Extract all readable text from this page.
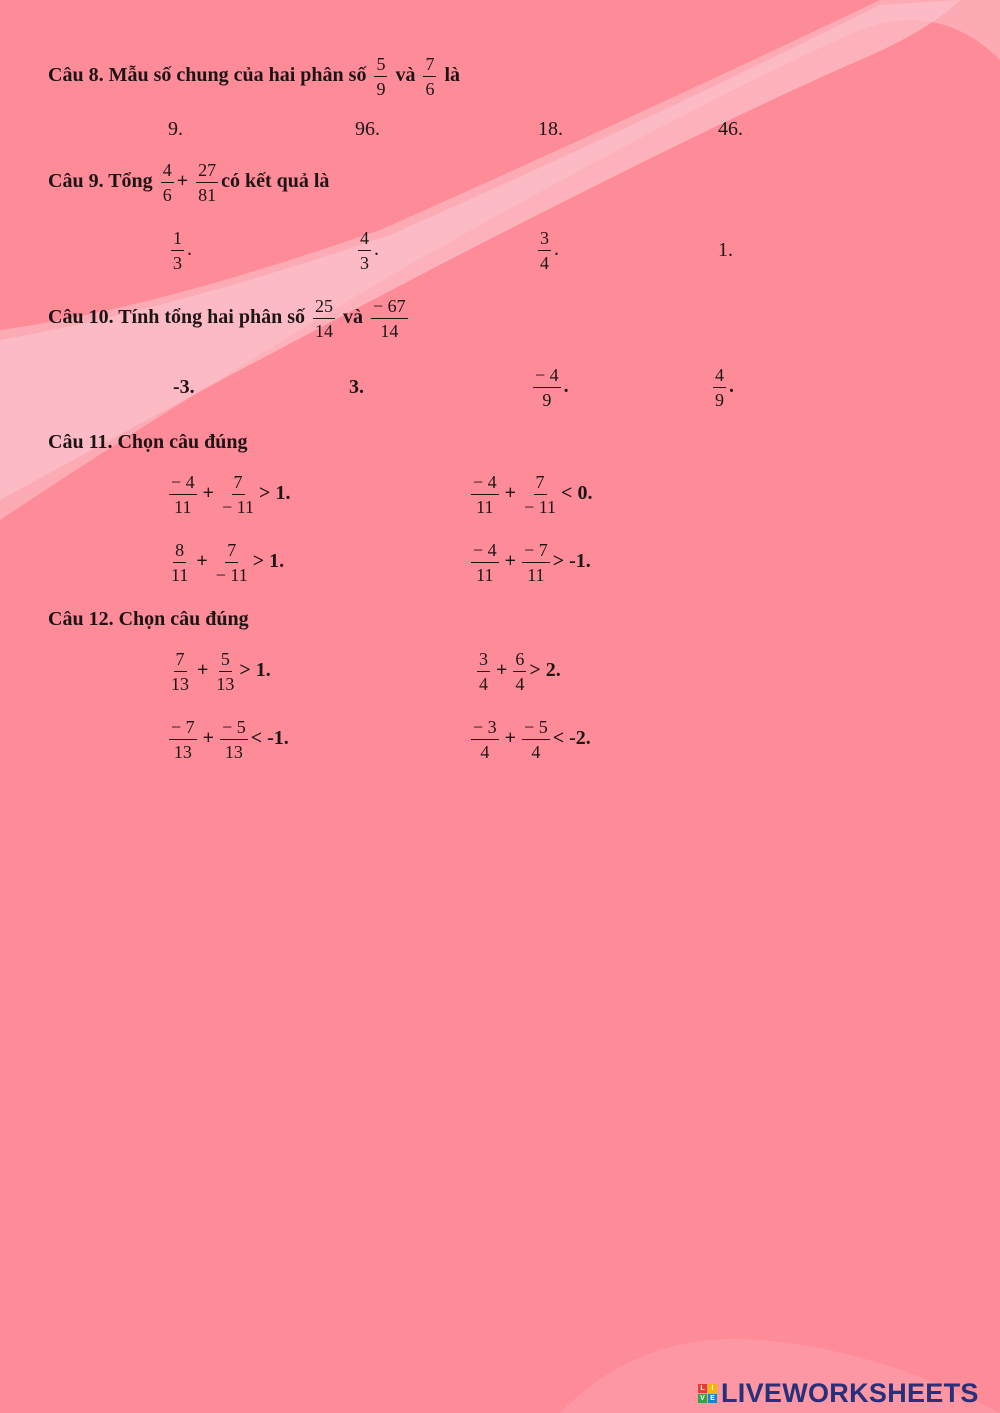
Câu 8. Mẫu số chung của hai phân số $\frac{5}{9}$ và $\frac{7}{6}$ là
9.	96.	18.	46.
Câu 9. Tổng $\frac{4}{6} + \frac{27}{81}$ có kết quả là
$\frac{1}{3}$ .	$\frac{4}{3}$ .	$\frac{3}{4}$ .	1.
Câu 10. Tính tổng hai phân số $\frac{25}{14}$ và $\frac{- 67}{14}$
-3.	3.	$\frac{- 4}{9}$ .	$\frac{4}{9}$ .
Câu 11. Chọn câu đúng
$\frac{- 4}{11} + \frac{7}{- 11} > 1$.	$\frac{- 4}{11} + \frac{7}{- 11} < 0$.
$\frac{8}{11} + \frac{7}{- 11} > 1$.	$\frac{- 4}{11} + \frac{- 7}{11} > -1$.
Câu 12. Chọn câu đúng
$\frac{7}{13} + \frac{5}{13} > 1$.	$\frac{3}{4} + \frac{6}{4} > 2$.
$\frac{- 7}{13} + \frac{- 5}{13} < -1$.	$\frac{- 3}{4} + \frac{- 5}{4} < -2$.
L I
V E LIVEWORKSHEETS
